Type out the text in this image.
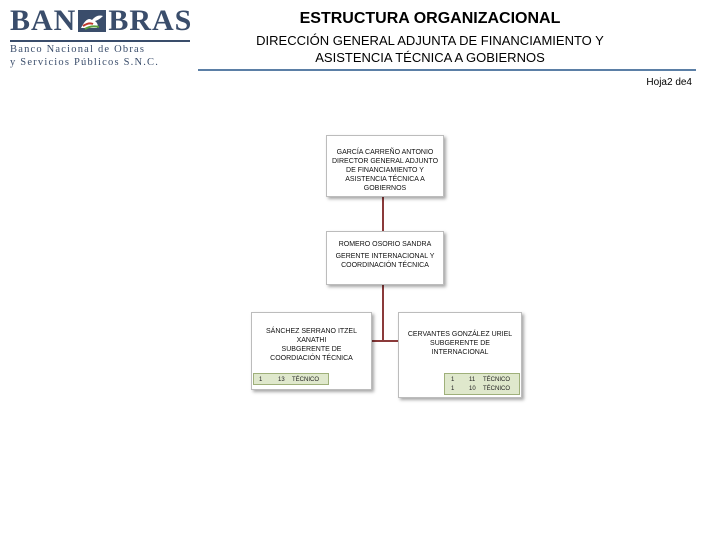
BAN BRAS
Banco Nacional de Obras
y Servicios Públicos S.N.C.
ESTRUCTURA ORGANIZACIONAL
DIRECCIÓN GENERAL ADJUNTA DE FINANCIAMIENTO Y
ASISTENCIA TÉCNICA A GOBIERNOS
Hoja2 de4
GARCÍA CARREÑO ANTONIO
DIRECTOR GENERAL ADJUNTO DE FINANCIAMIENTO Y ASISTENCIA TÉCNICA A GOBIERNOS
ROMERO OSORIO SANDRA
GERENTE INTERNACIONAL Y COORDINACIÓN TÉCNICA
SÁNCHEZ SERRANO ITZEL XANATHI
SUBGERENTE DE COORDIACIÓN TÉCNICA
1	13 TÉCNICO
CERVANTES GONZÁLEZ URIEL
SUBGERENTE DE INTERNACIONAL
1 11 TÉCNICO
1 10 TÉCNICO
